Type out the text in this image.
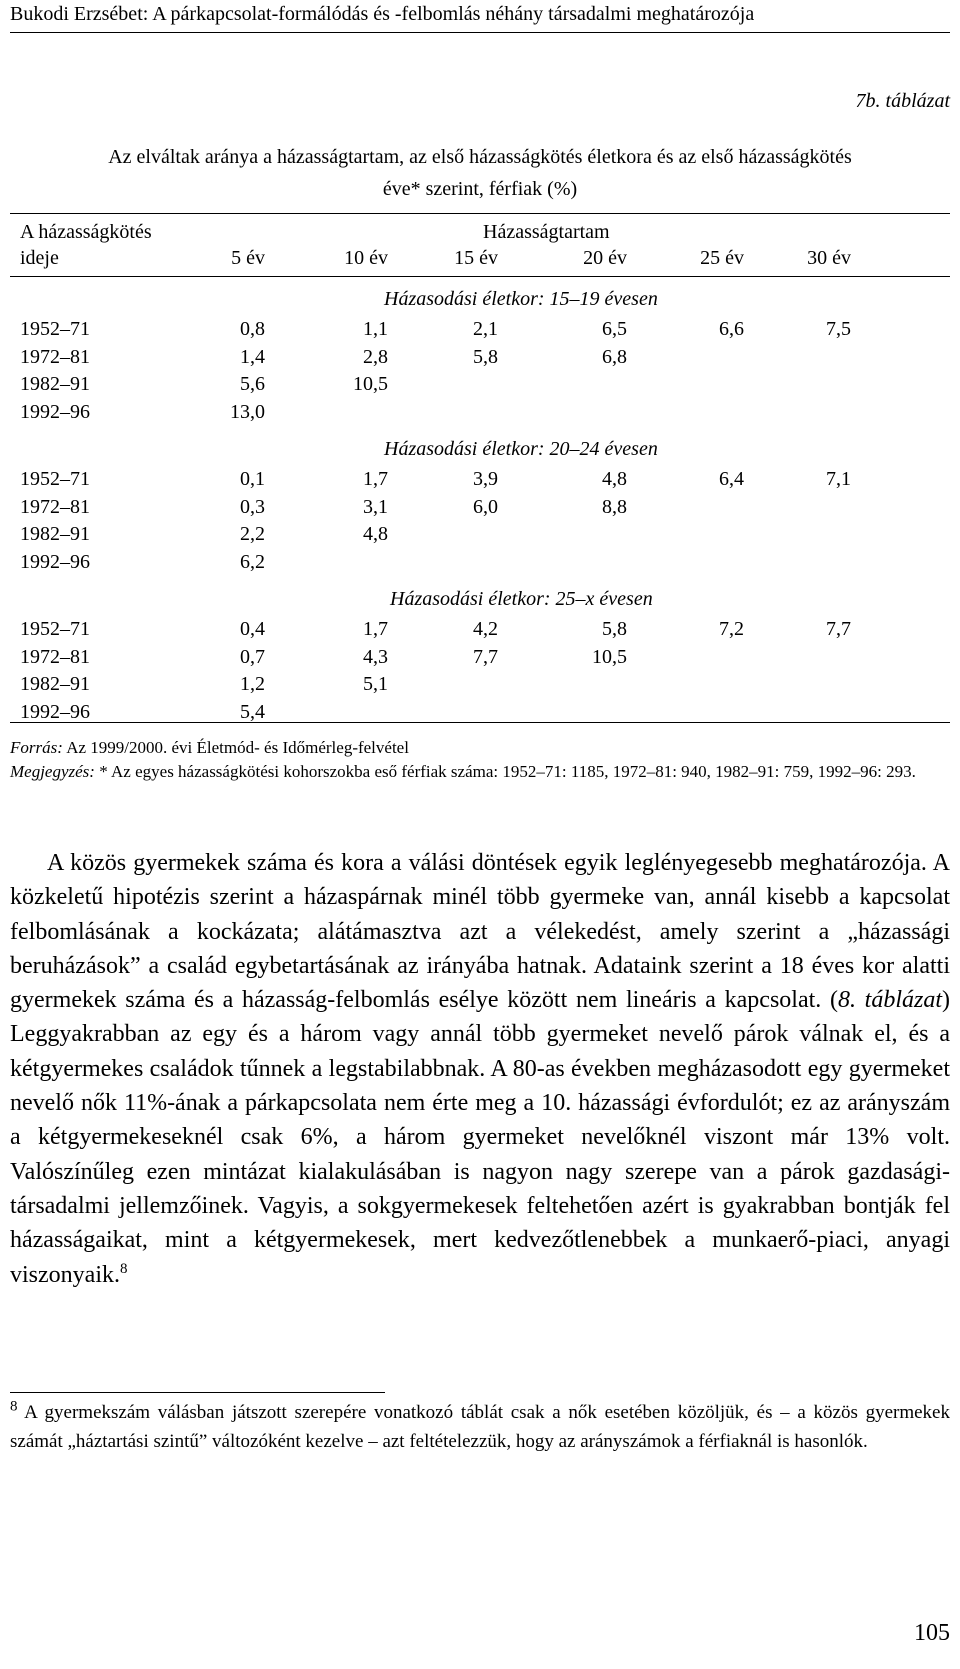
Bukodi Erzsébet: A párkapcsolat-formálódás és -felbomlás néhány társadalmi meghatározója
7b. táblázat
Az elváltak aránya a házasságtartam, az első házasságkötés életkora és az első házasságkötés
éve* szerint, férfiak (%)
A házasságkötés
ideje
Házasságtartam
5 év	10 év	15 év	20 év	25 év	30 év
Házasodási életkor: 15–19 évesen
1952–71	0,8	1,1	2,1	6,5	6,6	7,5
1972–81	1,4	2,8	5,8	6,8
1982–91	5,6	10,5
1992–96	13,0
Házasodási életkor: 20–24 évesen
1952–71	0,1	1,7	3,9	4,8	6,4	7,1
1972–81	0,3	3,1	6,0	8,8
1982–91	2,2	4,8
1992–96	6,2
Házasodási életkor: 25–x évesen
1952–71	0,4	1,7	4,2	5,8	7,2	7,7
1972–81	0,7	4,3	7,7	10,5
1982–91	1,2	5,1
1992–96	5,4

Forrás: Az 1999/2000. évi Életmód- és Időmérleg-felvétel

Megjegyzés: * Az egyes házasságkötési kohorszokba eső férfiak száma: 1952–71: 1185, 1972–81: 940, 1982–91: 759, 1992–96: 293.

A közös gyermekek száma és kora a válási döntések egyik leglényegesebb meghatározója. A közkeletű hipotézis szerint a házaspárnak minél több gyermeke van, annál kisebb a kapcsolat felbomlásának a kockázata; alátámasztva azt a vélekedést, amely szerint a „házassági beruházások” a család egybetartásának az irányába hatnak. Adataink szerint a 18 éves kor alatti gyermekek száma és a házasság-felbomlás esélye között nem lineáris a kapcsolat. (8. táblázat) Leggyakrabban az egy és a három vagy annál több gyermeket nevelő párok válnak el, és a kétgyermekes családok tűnnek a legstabilabbnak. A 80-as években megházasodott egy gyermeket nevelő nők 11%-ának a párkapcsolata nem érte meg a 10. házassági évfordulót; ez az arányszám a kétgyermekeseknél csak 6%, a három gyermeket nevelőknél viszont már 13% volt. Valószínűleg ezen mintázat kialakulásában is nagyon nagy szerepe van a párok gazdasági-társadalmi jellemzőinek. Vagyis, a sokgyermekesek feltehetően azért is gyakrabban bontják fel házasságaikat, mint a kétgyermekesek, mert kedvezőtlenebbek a munkaerő-piaci, anyagi viszonyaik.$^8$

$^8$ A gyermekszám válásban játszott szerepére vonatkozó táblát csak a nők esetében közöljük, és – a közös gyermekek számát „háztartási szintű” változóként kezelve – azt feltételezzük, hogy az arányszámok a férfiaknál is hasonlók.

105
